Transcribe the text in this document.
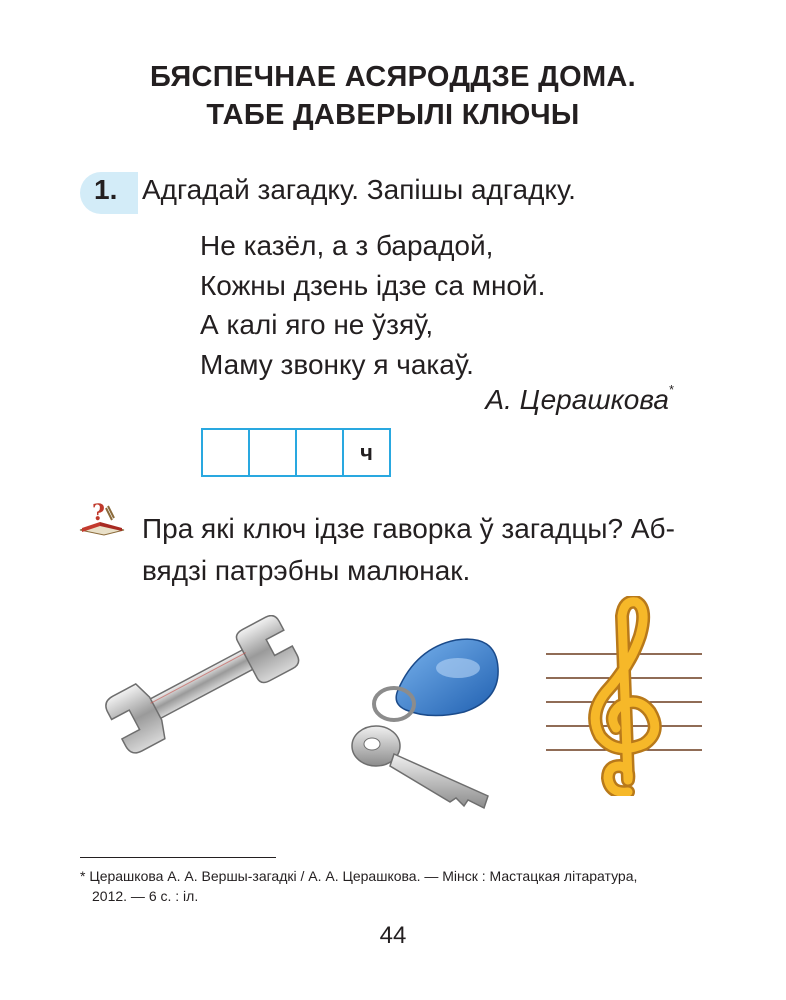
БЯСПЕЧНАЕ АСЯРОДДЗЕ ДОМА.
ТАБЕ ДАВЕРЫЛІ КЛЮЧЫ
1. Адгадай загадку. Запішы адгадку.
Не казёл, а з барадой,
Кожны дзень ідзе са мной.
А калі яго не ўзяў,
Маму звонку я чакаў.
А. Церашкова*
ч
? Пра які ключ ідзе гаворка ў загадцы? Аб-
вядзі патрэбны малюнак.
* Церашкова А. А. Вершы-загадкі / А. А. Церашкова. — Мінск : Мастацкая літаратура,
2012. — 6 с. : іл.
44
